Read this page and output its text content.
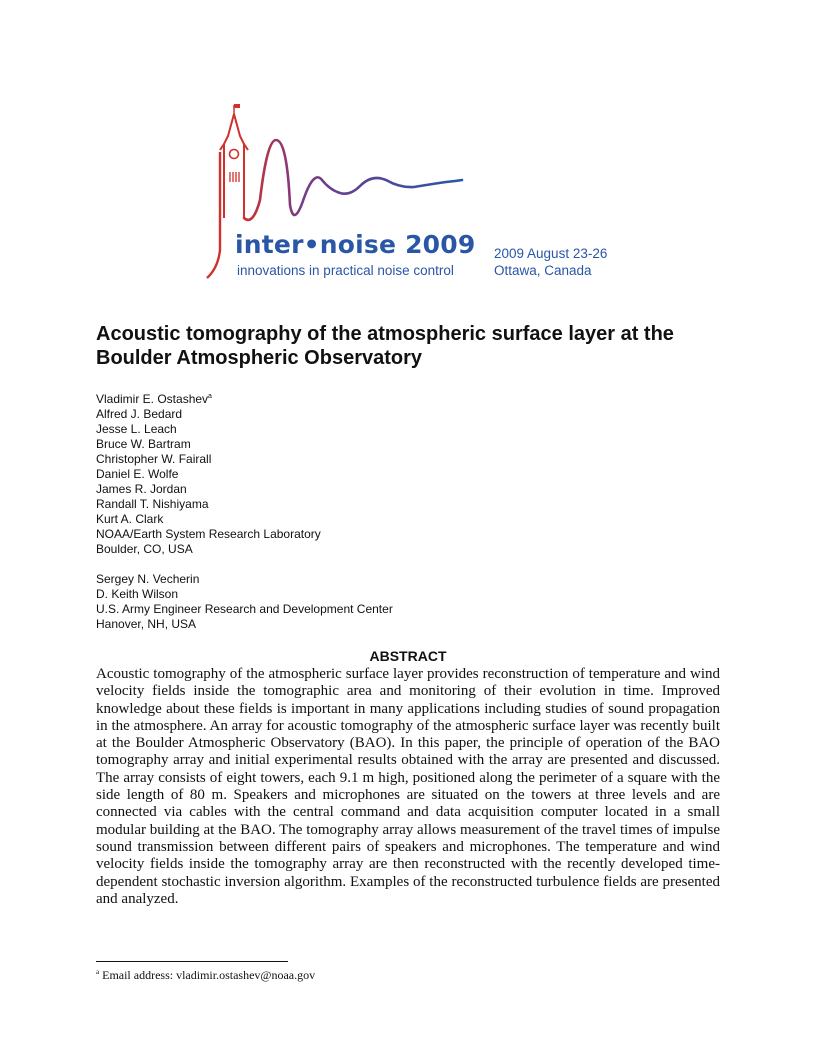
inter•noise 2009
innovations in practical noise control
2009 August 23-26
Ottawa, Canada
Acoustic tomography of the atmospheric surface layer at the Boulder Atmospheric Observatory
Vladimir E. Ostashev$^a$
Alfred J. Bedard
Jesse L. Leach
Bruce W. Bartram
Christopher W. Fairall
Daniel E. Wolfe
James R. Jordan
Randall T. Nishiyama
Kurt A. Clark
NOAA/Earth System Research Laboratory
Boulder, CO, USA
Sergey N. Vecherin
D. Keith Wilson
U.S. Army Engineer Research and Development Center
Hanover, NH, USA
ABSTRACT

Acoustic tomography of the atmospheric surface layer provides reconstruction of temperature and wind velocity fields inside the tomographic area and monitoring of their evolution in time. Improved knowledge about these fields is important in many applications including studies of sound propagation in the atmosphere. An array for acoustic tomography of the atmospheric surface layer was recently built at the Boulder Atmospheric Observatory (BAO). In this paper, the principle of operation of the BAO tomography array and initial experimental results obtained with the array are presented and discussed. The array consists of eight towers, each 9.1 m high, positioned along the perimeter of a square with the side length of 80 m. Speakers and microphones are situated on the towers at three levels and are connected via cables with the central command and data acquisition computer located in a small modular building at the BAO. The tomography array allows measurement of the travel times of impulse sound transmission between different pairs of speakers and microphones. The temperature and wind velocity fields inside the tomography array are then reconstructed with the recently developed time-dependent stochastic inversion algorithm. Examples of the reconstructed turbulence fields are presented and analyzed.

$^a$ Email address: vladimir.ostashev@noaa.gov
